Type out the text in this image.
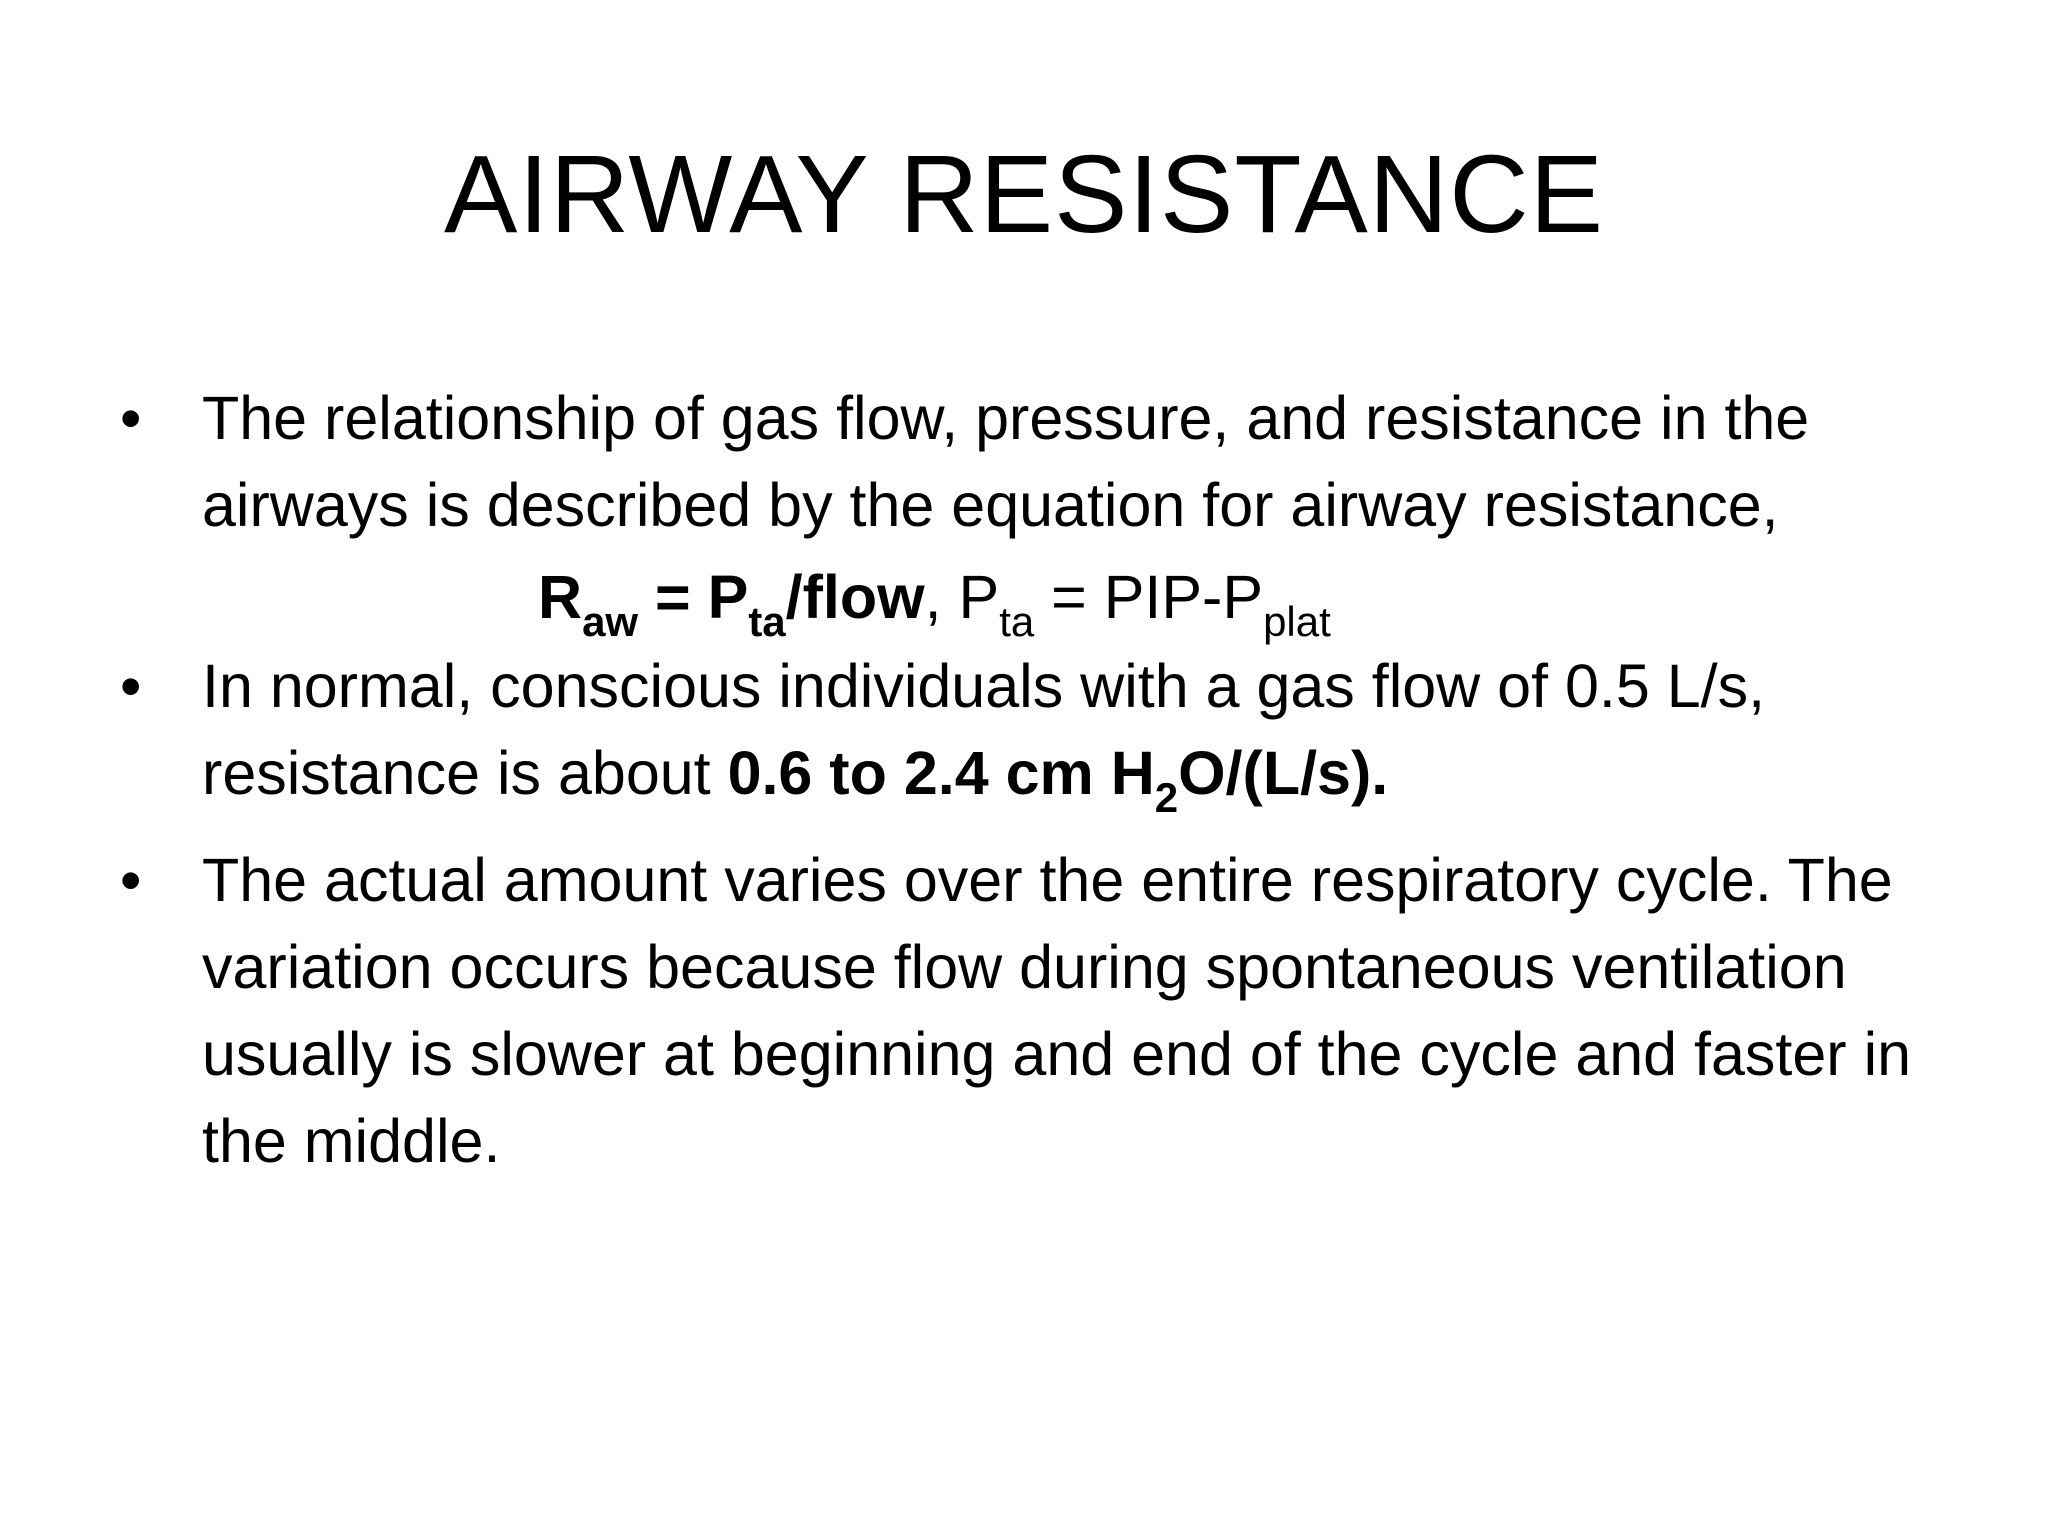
AIRWAY RESISTANCE
• The relationship of gas flow, pressure, and resistance in the airways is described by the equation for airway resistance,
$R_{aw}$ = $P_{ta}$/flow, $P_{ta} = PIP-P_{plat}$
• In normal, conscious individuals with a gas flow of 0.5 L/s, resistance is about 0.6 to 2.4 cm $H_2O/(L/s)$.
• The actual amount varies over the entire respiratory cycle. The variation occurs because flow during spontaneous ventilation usually is slower at beginning and end of the cycle and faster in the middle.
